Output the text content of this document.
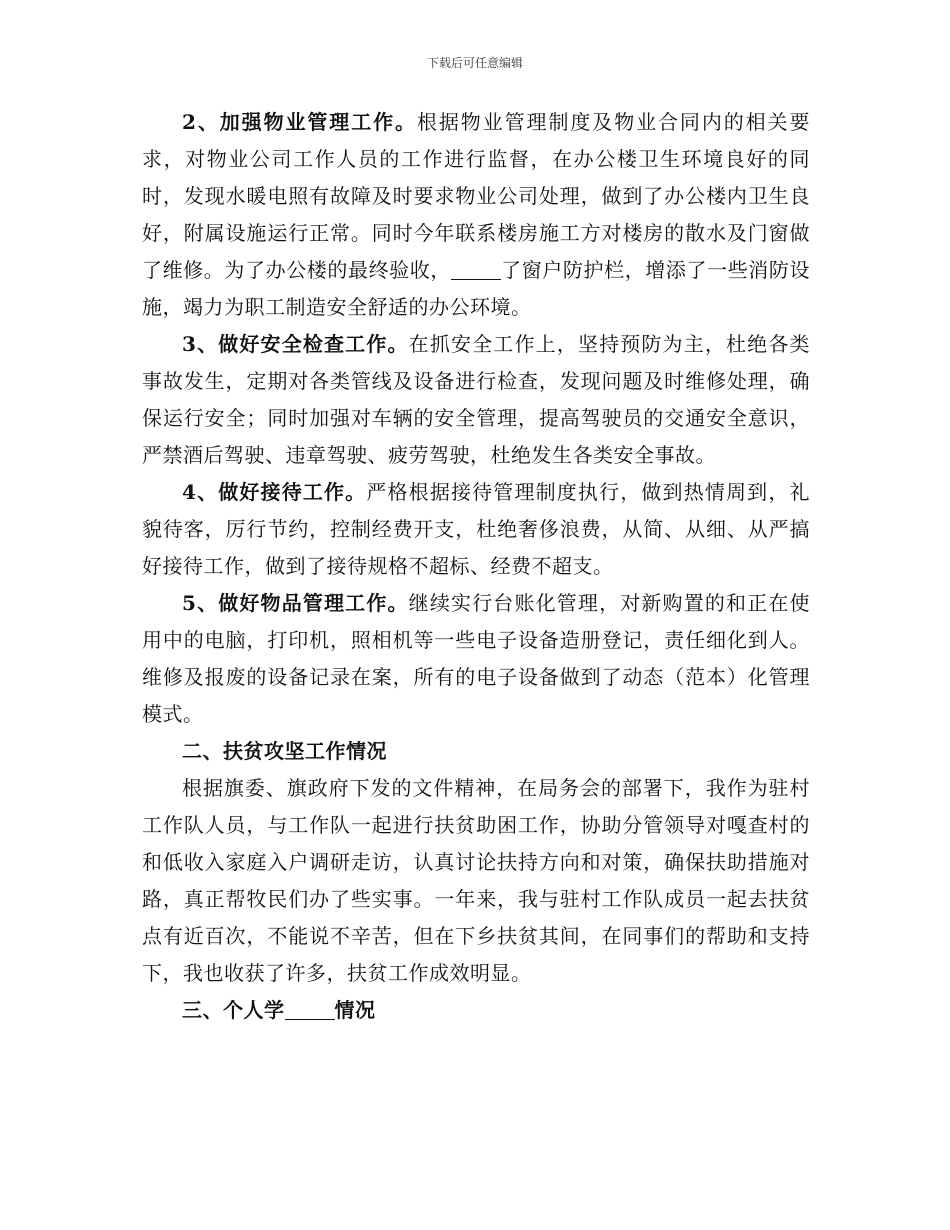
下载后可任意编辑

2、加强物业管理工作。根据物业管理制度及物业合同内的相关要求，对物业公司工作人员的工作进行监督，在办公楼卫生环境良好的同时，发现水暖电照有故障及时要求物业公司处理，做到了办公楼内卫生良好，附属设施运行正常。同时今年联系楼房施工方对楼房的散水及门窗做了维修。为了办公楼的最终验收，	了窗户防护栏，增添了一些消防设施，竭力为职工制造安全舒适的办公环境。

3、做好安全检查工作。在抓安全工作上，坚持预防为主，杜绝各类事故发生，定期对各类管线及设备进行检查，发现问题及时维修处理，确保运行安全；同时加强对车辆的安全管理，提高驾驶员的交通安全意识，严禁酒后驾驶、违章驾驶、疲劳驾驶，杜绝发生各类安全事故。

4、做好接待工作。严格根据接待管理制度执行，做到热情周到，礼貌待客，厉行节约，控制经费开支，杜绝奢侈浪费，从简、从细、从严搞好接待工作，做到了接待规格不超标、经费不超支。

5、做好物品管理工作。继续实行台账化管理，对新购置的和正在使用中的电脑，打印机，照相机等一些电子设备造册登记，责任细化到人。维修及报废的设备记录在案，所有的电子设备做到了动态（范本）化管理模式。

二、扶贫攻坚工作情况

根据旗委、旗政府下发的文件精神，在局务会的部署下，我作为驻村工作队人员，与工作队一起进行扶贫助困工作，协助分管领导对嘎查村的和低收入家庭入户调研走访，认真讨论扶持方向和对策，确保扶助措施对路，真正帮牧民们办了些实事。一年来，我与驻村工作队成员一起去扶贫点有近百次，不能说不辛苦，但在下乡扶贫其间，在同事们的帮助和支持下，我也收获了许多，扶贫工作成效明显。

三、个人学	情况
